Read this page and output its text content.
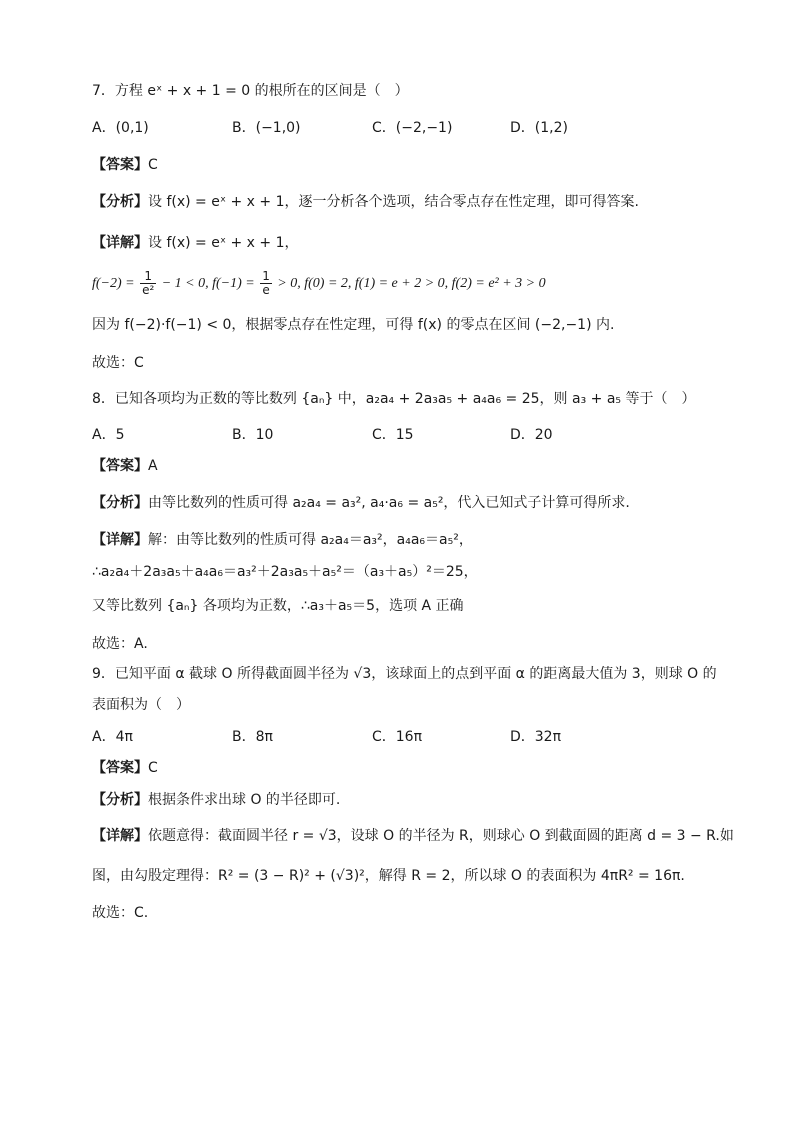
7．方程 eˣ + x + 1 = 0 的根所在的区间是（　）
A．(0,1)	B．(−1,0)	C．(−2,−1)	D．(1,2)
【答案】C
【分析】设 f(x) = eˣ + x + 1，逐一分析各个选项，结合零点存在性定理，即可得答案.
【详解】设 f(x) = eˣ + x + 1，
$f(-2) = \frac{1}{\text{e²}} - 1 < 0$, $f(-1) = \frac{1}{e} > 0$, f(0) = 2, f(1) = e + 2 > 0, f(2) = e² + 3 > 0
因为 f(−2)·f(−1) < 0，根据零点存在性定理，可得 f(x) 的零点在区间 (−2,−1) 内.
故选：C
8．已知各项均为正数的等比数列 {aₙ} 中，a₂a₄ + 2a₃a₅ + a₄a₆ = 25，则 a₃ + a₅ 等于（　）
A．5	B．10	C．15	D．20
【答案】A
【分析】由等比数列的性质可得 a₂a₄ = a₃², a₄·a₆ = a₅²，代入已知式子计算可得所求.
【详解】解：由等比数列的性质可得 a₂a₄＝a₃²，a₄a₆＝a₅²，
∴a₂a₄＋2a₃a₅＋a₄a₆＝a₃²＋2a₃a₅＋a₅²＝（a₃＋a₅）²＝25，
又等比数列 {aₙ} 各项均为正数，∴a₃＋a₅＝5，选项 A 正确
故选：A.
9．已知平面 α 截球 O 所得截面圆半径为 √3，该球面上的点到平面 α 的距离最大值为 3，则球 O 的
表面积为（　）
A．4π	B．8π	C．16π	D．32π
【答案】C
【分析】根据条件求出球 O 的半径即可.
【详解】依题意得：截面圆半径 r = √3，设球 O 的半径为 R，则球心 O 到截面圆的距离 d = 3 − R.如
图，由勾股定理得：R² = (3 − R)² + (√3)²，解得 R = 2，所以球 O 的表面积为 4πR² = 16π.
故选：C.
